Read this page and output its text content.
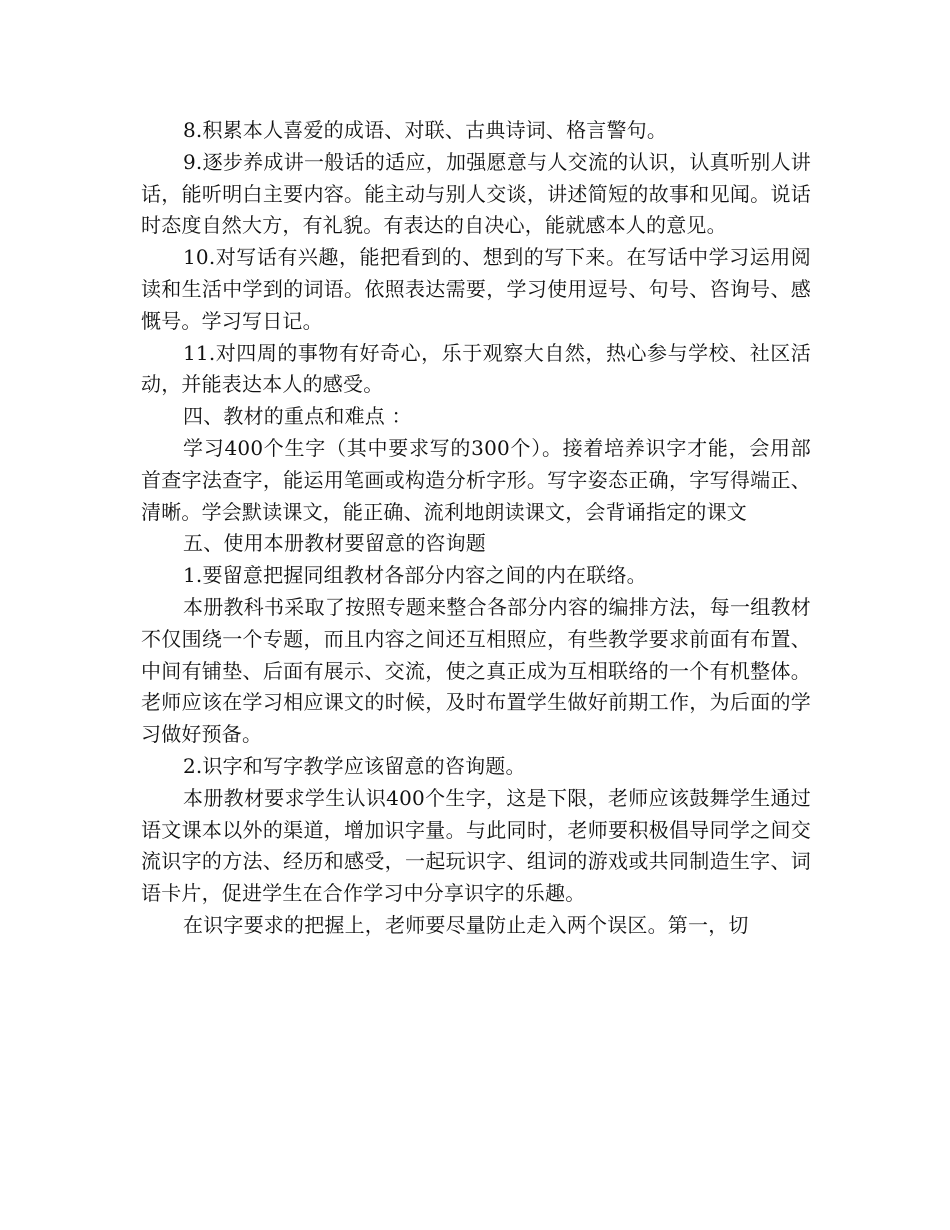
8.积累本人喜爱的成语、对联、古典诗词、格言警句。

9.逐步养成讲一般话的适应，加强愿意与人交流的认识，认真听别人讲话，能听明白主要内容。能主动与别人交谈，讲述简短的故事和见闻。说话时态度自然大方，有礼貌。有表达的自决心，能就感本人的意见。

10.对写话有兴趣，能把看到的、想到的写下来。在写话中学习运用阅读和生活中学到的词语。依照表达需要，学习使用逗号、句号、咨询号、感慨号。学习写日记。

11.对四周的事物有好奇心，乐于观察大自然，热心参与学校、社区活动，并能表达本人的感受。

四、教材的重点和难点 ：

学习400个生字（其中要求写的300个）。接着培养识字才能，会用部首查字法查字，能运用笔画或构造分析字形。写字姿态正确，字写得端正、清晰。学会默读课文，能正确、流利地朗读课文，会背诵指定的课文

五、使用本册教材要留意的咨询题

1.要留意把握同组教材各部分内容之间的内在联络。

本册教科书采取了按照专题来整合各部分内容的编排方法，每一组教材不仅围绕一个专题，而且内容之间还互相照应，有些教学要求前面有布置、中间有铺垫、后面有展示、交流，使之真正成为互相联络的一个有机整体。老师应该在学习相应课文的时候，及时布置学生做好前期工作，为后面的学习做好预备。

2.识字和写字教学应该留意的咨询题。

本册教材要求学生认识400个生字，这是下限，老师应该鼓舞学生通过语文课本以外的渠道，增加识字量。与此同时，老师要积极倡导同学之间交流识字的方法、经历和感受，一起玩识字、组词的游戏或共同制造生字、词语卡片，促进学生在合作学习中分享识字的乐趣。

在识字要求的把握上，老师要尽量防止走入两个误区。第一，切
